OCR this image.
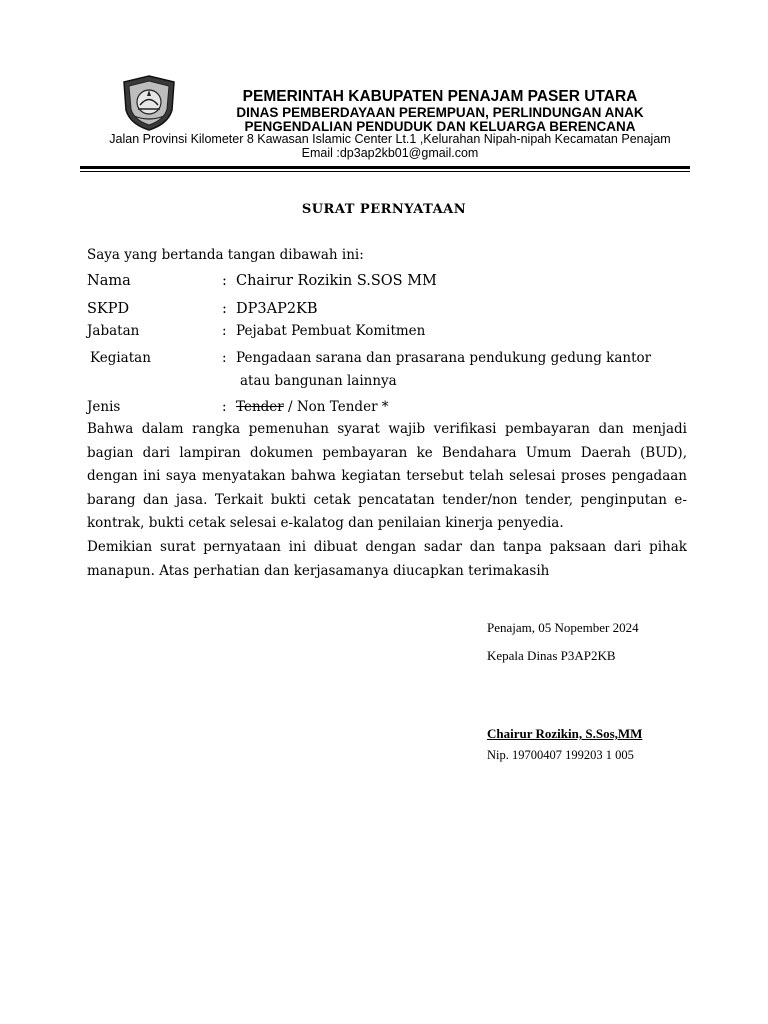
PEMERINTAH KABUPATEN PENAJAM PASER UTARA
DINAS PEMBERDAYAAN PEREMPUAN, PERLINDUNGAN ANAK
PENGENDALIAN PENDUDUK DAN KELUARGA BERENCANA
Jalan Provinsi Kilometer 8 Kawasan Islamic Center Lt.1 ,Kelurahan Nipah-nipah Kecamatan Penajam
Email :dp3ap2kb01@gmail.com
SURAT PERNYATAAN
Saya yang bertanda tangan dibawah ini:
Nama	: Chairur Rozikin S.SOS MM
SKPD	: DP3AP2KB
Jabatan	: Pejabat Pembuat Komitmen
Kegiatan	: Pengadaan sarana dan prasarana pendukung gedung kantor
atau bangunan lainnya
Jenis	: Tender / Non Tender *
Bahwa dalam rangka pemenuhan syarat wajib verifikasi pembayaran dan menjadi bagian dari lampiran dokumen pembayaran ke Bendahara Umum Daerah (BUD), dengan ini saya menyatakan bahwa kegiatan tersebut telah selesai proses pengadaan barang dan jasa. Terkait bukti cetak pencatatan tender/non tender, penginputan e-kontrak, bukti cetak selesai e-kalatog dan penilaian kinerja penyedia.
Demikian surat pernyataan ini dibuat dengan sadar dan tanpa paksaan dari pihak manapun. Atas perhatian dan kerjasamanya diucapkan terimakasih
Penajam, 05 Nopember 2024
Kepala Dinas P3AP2KB
Chairur Rozikin, S.Sos,MM
Nip. 19700407 199203 1 005
